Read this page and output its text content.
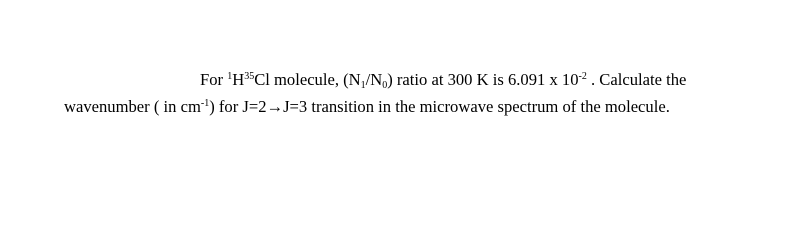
For $^1H^{35}Cl$ molecule, $(N_1/N_0)$ ratio at 300 K is 6.091 x $10^{-2}$ . Calculate the
wavenumber ( in $cm^{-1}$) for J=2→J=3 transition in the microwave spectrum of the molecule.
